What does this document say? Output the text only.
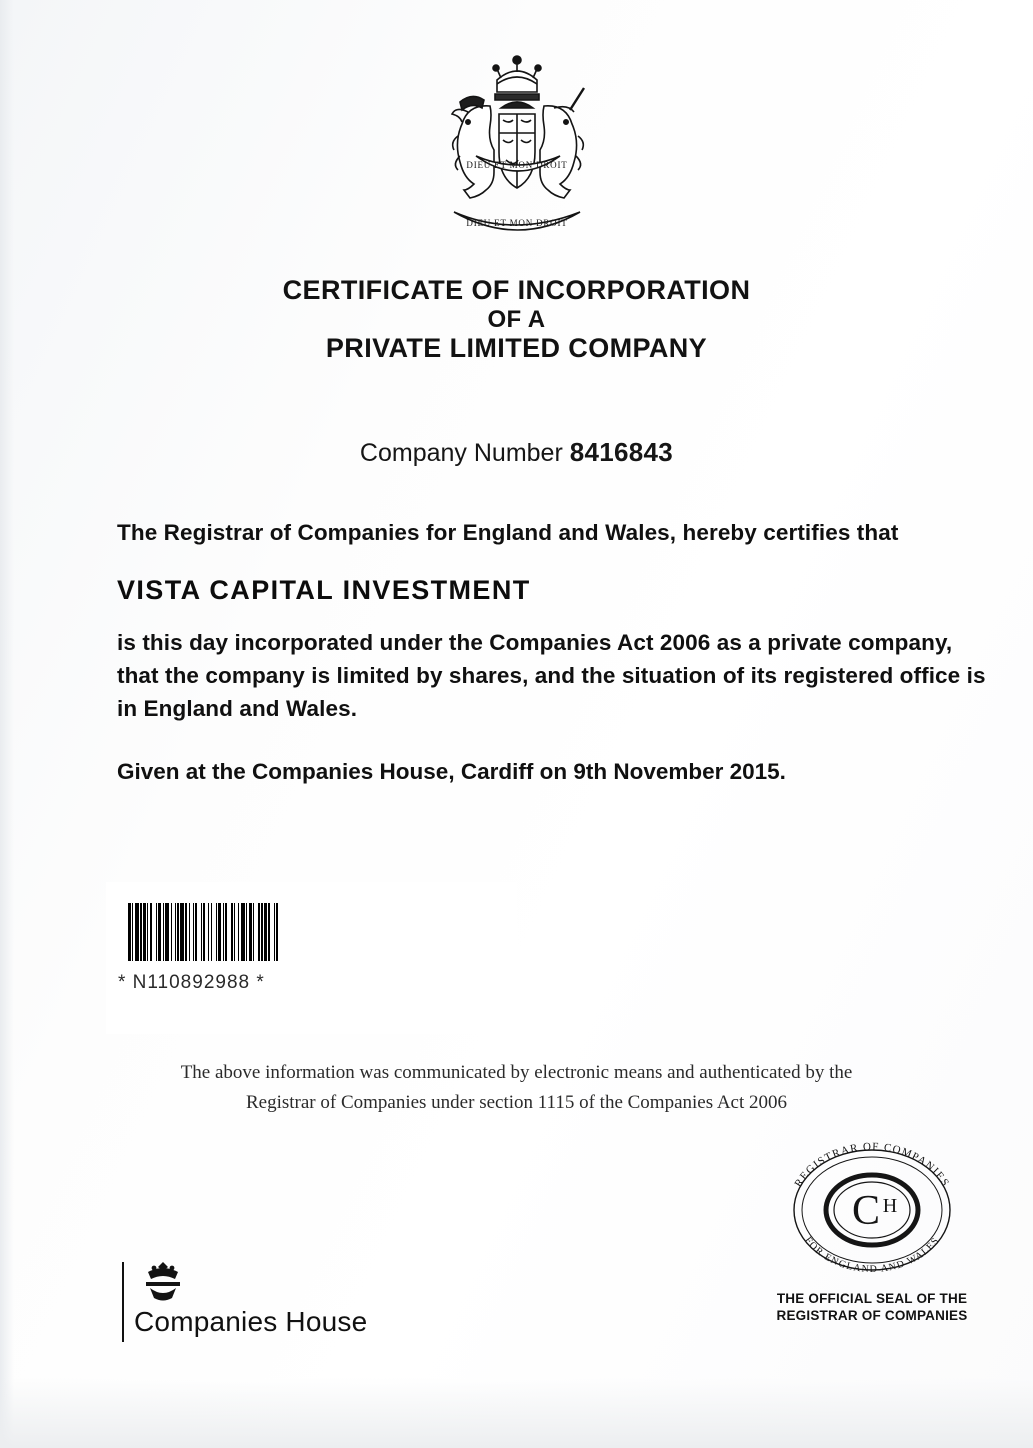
DIEU ET MON DROIT
DIEU ET MON DROIT
CERTIFICATE OF INCORPORATION
OF A
PRIVATE LIMITED COMPANY
Company Number 8416843

The Registrar of Companies for England and Wales, hereby certifies that

VISTA CAPITAL INVESTMENT

is this day incorporated under the Companies Act 2006 as a private company, that the company is limited by shares, and the situation of its registered office is in England and Wales.

Given at the Companies House, Cardiff on 9th November 2015.

* N110892988 *
The above information was communicated by electronic means and authenticated by the
Registrar of Companies under section 1115 of the Companies Act 2006
REGISTRAR OF COMPANIES
FOR ENGLAND AND WALES
C H
THE OFFICIAL SEAL OF THE
REGISTRAR OF COMPANIES
Companies House
